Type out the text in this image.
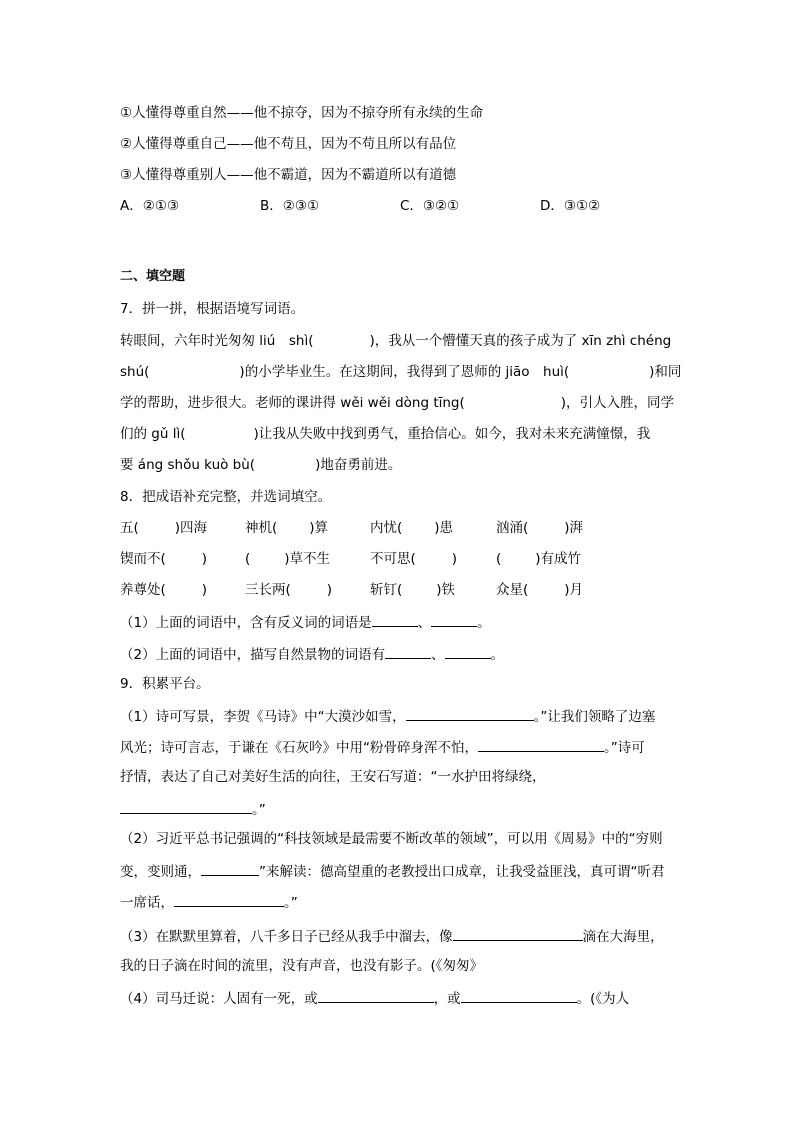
①人懂得尊重自然——他不掠夺，因为不掠夺所有永续的生命
②人懂得尊重自己——他不苟且，因为不苟且所以有品位
③人懂得尊重别人——他不霸道，因为不霸道所以有道德
A．②①③	B．②③①	C．③②①	D．③①②
二、填空题
7．拼一拼，根据语境写词语。
转眼间，六年时光匆匆 liú　shì(	)，我从一个懵懂天真的孩子成为了 xīn zhì chéng
shú(	)的小学毕业生。在这期间，我得到了恩师的 jiāo　huì(	)和同
学的帮助，进步很大。老师的课讲得 wěi wěi dòng tīng(	)，引人入胜，同学
们的 gǔ lì(	)让我从失败中找到勇气，重拾信心。如今，我对未来充满憧憬，我
要 áng shǒu kuò bù(	)地奋勇前进。
8．把成语补充完整，并选词填空。
五(	)四海	神机( )算	内忧( )患	汹涌(	)湃
锲而不(	)	(	)草不生	不可思(	)	(	)有成竹
养尊处(	)	三长两(	)	斩钉(	)铁	众星(	)月
（1）上面的词语中，含有反义词的词语是	、	。
（2）上面的词语中，描写自然景物的词语有	、	。
9．积累平台。
（1）诗可写景，李贺《马诗》中“大漠沙如雪，	。”让我们领略了边塞
风光；诗可言志，于谦在《石灰吟》中用“粉骨碎身浑不怕，	。”诗可
抒情，表达了自己对美好生活的向往，王安石写道：“一水护田将绿绕，
。”
（2）习近平总书记强调的“科技领域是最需要不断改革的领域”，可以用《周易》中的“穷则
变，变则通，	”来解读：德高望重的老教授出口成章，让我受益匪浅，真可谓“听君
一席话，	。”
（3）在默默里算着，八千多日子已经从我手中溜去，像	滴在大海里，
我的日子滴在时间的流里，没有声音，也没有影子。(《匆匆》
（4）司马迁说：人固有一死，或	，或	。(《为人
